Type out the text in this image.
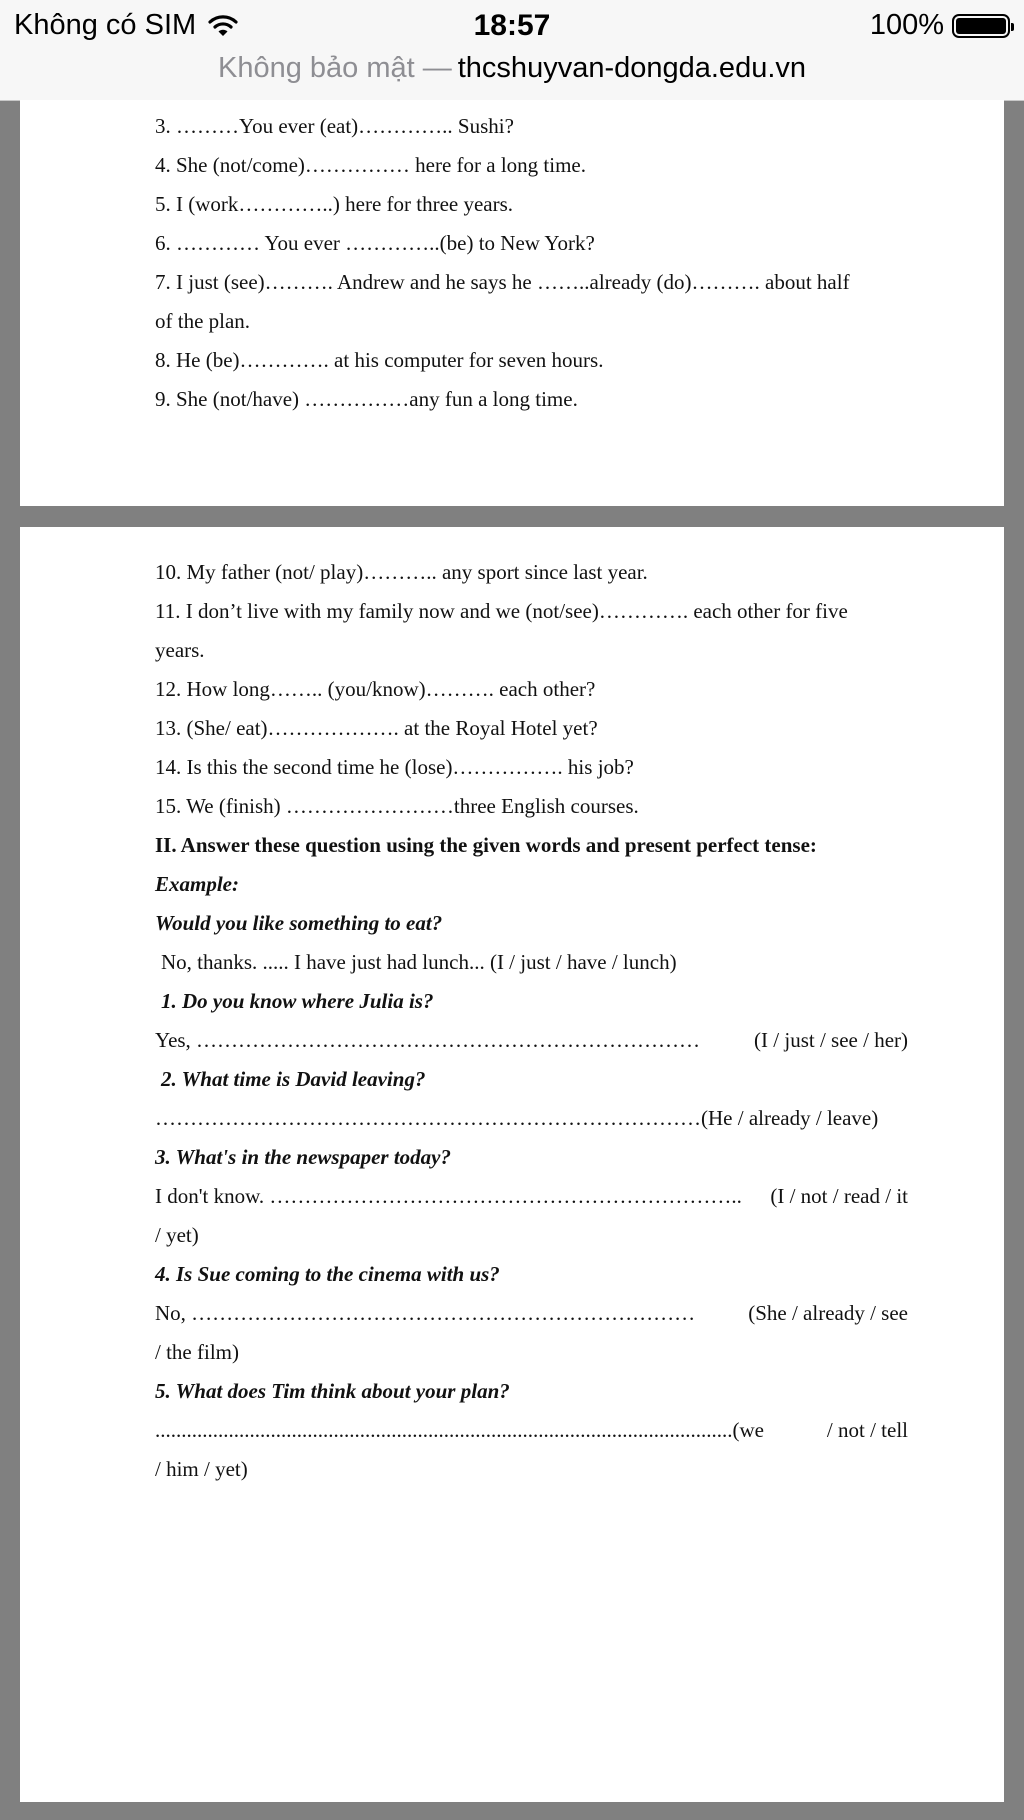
Không có SIM	18:57	100%
Không bảo mật — thcshuyvan-dongda.edu.vn
3. ………You ever (eat)………….. Sushi?
4. She (not/come)…………… here for a long time.
5. I (work…………..) here for three years.
6. ………… You ever …………..(be) to New York?
7. I just (see)………. Andrew and he says he ……..already (do)………. about half
of the plan.
8. He (be)…………. at his computer for seven hours.
9. She (not/have) ……………any fun a long time.
10. My father (not/ play)……….. any sport since last year.
11. I don’t live with my family now and we (not/see)…………. each other for five
years.
12. How long…….. (you/know)………. each other?
13. (She/ eat)………………. at the Royal Hotel yet?
14. Is this the second time he (lose)……………. his job?
15. We (finish) ……………………three English courses.
II. Answer these question using the given words and present perfect tense:
Example:
Would you like something to eat?
No, thanks. ..... I have just had lunch... (I / just / have / lunch)
1. Do you know where Julia is?
Yes, ………………………………………………………………	(I / just / see / her)
2. What time is David leaving?
……………………………………………………………………(He / already / leave)
3. What's in the newspaper today?
I don't know. ………………………………………………………….. (I / not / read / it
/ yet)
4. Is Sue coming to the cinema with us?
No, ………………………………………………………………	(She / already / see
/ the film)
5. What does Tim think about your plan?
..............................................................................................................(we	/ not / tell
/ him / yet)
